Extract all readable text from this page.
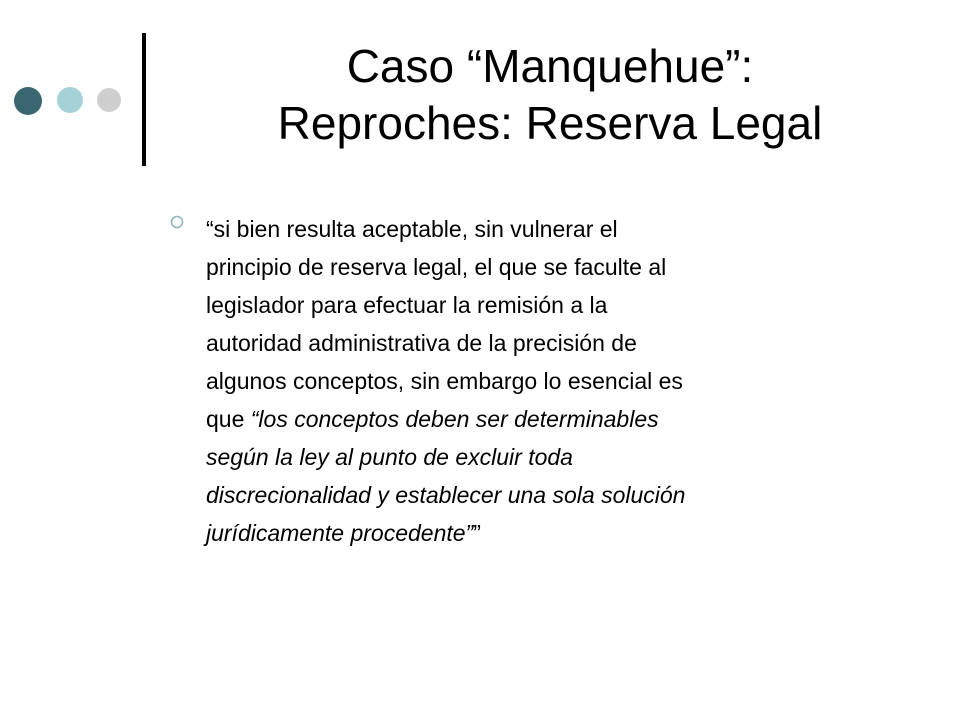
Caso “Manquehue”:
Reproches: Reserva Legal
“si bien resulta aceptable, sin vulnerar el
principio de reserva legal, el que se faculte al
legislador para efectuar la remisión a la
autoridad administrativa de la precisión de
algunos conceptos, sin embargo lo esencial es
que “los conceptos deben ser determinables
según la ley al punto de excluir toda
discrecionalidad y establecer una sola solución
jurídicamente procedente””
